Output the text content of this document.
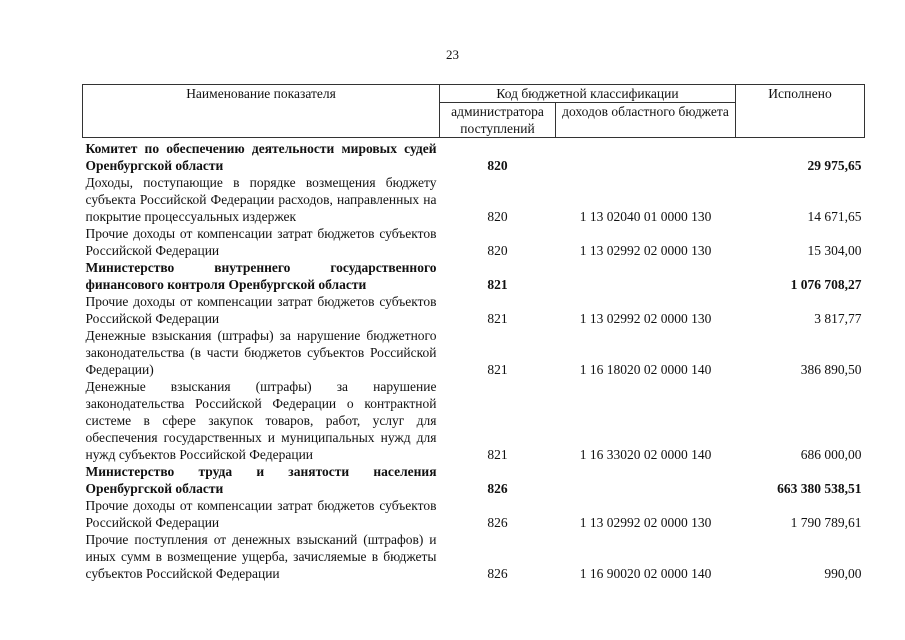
23
Наименование показателя	Код бюджетной классификации		Исполнено
	администратора поступлений	доходов областного бюджета	
Комитет по обеспечению деятельности мировых судей Оренбургской области	820		29 975,65
Доходы, поступающие в порядке возмещения бюджету субъекта Российской Федерации расходов, направленных на покрытие процессуальных издержек	820	1 13 02040 01 0000 130	14 671,65
Прочие доходы от компенсации затрат бюджетов субъектов Российской Федерации	820	1 13 02992 02 0000 130	15 304,00
Министерство внутреннего государственного финансового контроля Оренбургской области	821		1 076 708,27
Прочие доходы от компенсации затрат бюджетов субъектов Российской Федерации	821	1 13 02992 02 0000 130	3 817,77
Денежные взыскания (штрафы) за нарушение бюджетного законодательства (в части бюджетов субъектов Российской Федерации)	821	1 16 18020 02 0000 140	386 890,50
Денежные взыскания (штрафы) за нарушение законодательства Российской Федерации о контрактной системе в сфере закупок товаров, работ, услуг для обеспечения государственных и муниципальных нужд для нужд субъектов Российской Федерации	821	1 16 33020 02 0000 140	686 000,00
Министерство труда и занятости населения Оренбургской области	826		663 380 538,51
Прочие доходы от компенсации затрат бюджетов субъектов Российской Федерации	826	1 13 02992 02 0000 130	1 790 789,61
Прочие поступления от денежных взысканий (штрафов) и иных сумм в возмещение ущерба, зачисляемые в бюджеты субъектов Российской Федерации	826	1 16 90020 02 0000 140	990,00
